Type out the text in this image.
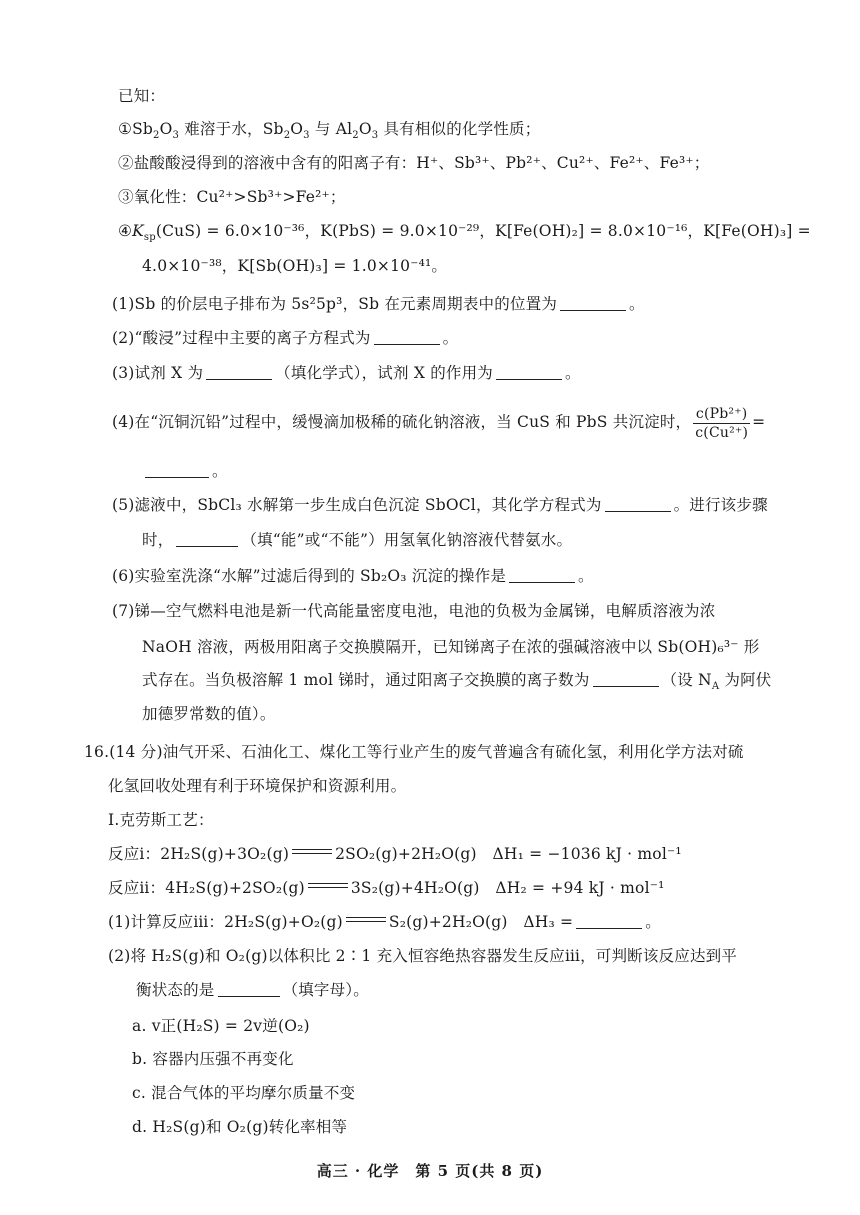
已知：
$①Sb_2O_3$ 难溶于水，$Sb_2O_3$ 与 $Al_2O_3$ 具有相似的化学性质；
②盐酸酸浸得到的溶液中含有的阳离子有：H⁺、Sb³⁺、Pb²⁺、Cu²⁺、Fe²⁺、Fe³⁺；
③氧化性：Cu²⁺>Sb³⁺>Fe²⁺；
$④K_{sp}(CuS) = 6.0\times 10^{-36}$，K(PbS) = 9.0×10⁻²⁹，K[Fe(OH)₂] = 8.0×10⁻¹⁶，K[Fe(OH)₃] =
4.0×10⁻³⁸，K[Sb(OH)₃] = 1.0×10⁻⁴¹。
(1)Sb 的价层电子排布为 5s²5p³，Sb 在元素周期表中的位置为	。
(2)“酸浸”过程中主要的离子方程式为	。
(3)试剂 X 为	（填化学式），试剂 X 的作用为	。
(4)在“沉铜沉铅”过程中，缓慢滴加极稀的硫化钠溶液，当 CuS 和 PbS 共沉淀时， $\frac{\text{c(Pb²⁺)}}{\text{c(Cu²⁺)}}$ =
。
(5)滤液中，SbCl₃ 水解第一步生成白色沉淀 SbOCl，其化学方程式为	。进行该步骤
时，	（填“能”或“不能”）用氢氧化钠溶液代替氨水。
(6)实验室洗涤“水解”过滤后得到的 Sb₂O₃ 沉淀的操作是	。
(7)锑—空气燃料电池是新一代高能量密度电池，电池的负极为金属锑，电解质溶液为浓
NaOH 溶液，两极用阳离子交换膜隔开，已知锑离子在浓的强碱溶液中以 Sb(OH)₆³⁻ 形
式存在。当负极溶解 1 mol 锑时，通过阳离子交换膜的离子数为	（设 $N_A$ 为阿伏
加德罗常数的值）。
16.(14 分)油气开采、石油化工、煤化工等行业产生的废气普遍含有硫化氢，利用化学方法对硫
化氢回收处理有利于环境保护和资源利用。
Ⅰ.克劳斯工艺：
反应ⅰ：2H₂S(g)+3O₂(g)	2SO₂(g)+2H₂O(g)　ΔH₁ = −1036 kJ · mol⁻¹
反应ⅱ：4H₂S(g)+2SO₂(g)	3S₂(g)+4H₂O(g)　ΔH₂ = +94 kJ · mol⁻¹
(1)计算反应ⅲ：2H₂S(g)+O₂(g)	S₂(g)+2H₂O(g)　ΔH₃ =	。
(2)将 H₂S(g)和 O₂(g)以体积比 2∶1 充入恒容绝热容器发生反应ⅲ，可判断该反应达到平
衡状态的是	（填字母）。
a. v正(H₂S) = 2v逆(O₂)
b. 容器内压强不再变化
c. 混合气体的平均摩尔质量不变
d. H₂S(g)和 O₂(g)转化率相等
高三 · 化学　第 5 页(共 8 页)
